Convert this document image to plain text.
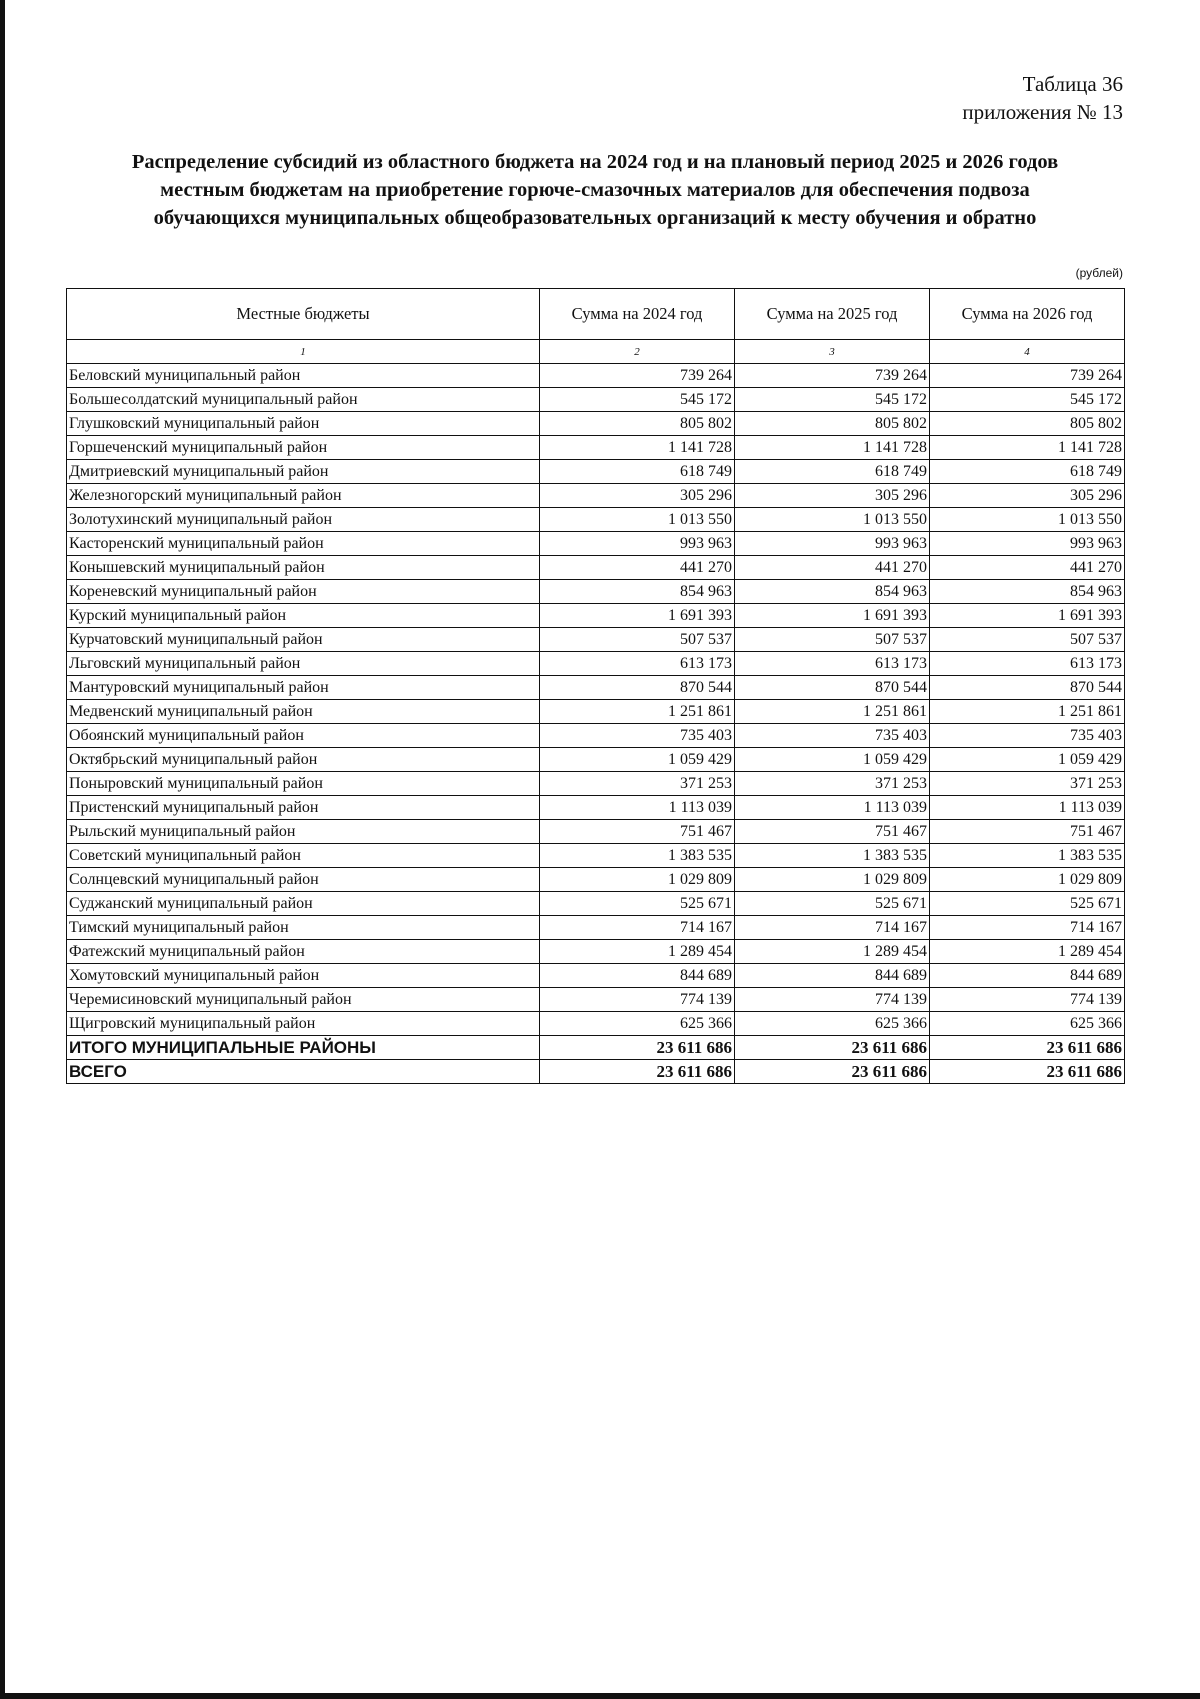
Таблица 36
приложения № 13
Распределение субсидий из областного бюджета на 2024 год и на плановый период 2025 и 2026 годов
местным бюджетам на приобретение горюче-смазочных материалов для обеспечения подвоза
обучающихся муниципальных общеобразовательных организаций к месту обучения и обратно
(рублей)
Местные бюджеты	Сумма на 2024 год	Сумма на 2025 год	Сумма на 2026 год
1	2	3	4
Беловский муниципальный район	739 264	739 264	739 264
Большесолдатский муниципальный район	545 172	545 172	545 172
Глушковский муниципальный район	805 802	805 802	805 802
Горшеченский муниципальный район	1 141 728	1 141 728	1 141 728
Дмитриевский муниципальный район	618 749	618 749	618 749
Железногорский муниципальный район	305 296	305 296	305 296
Золотухинский муниципальный район	1 013 550	1 013 550	1 013 550
Касторенский муниципальный район	993 963	993 963	993 963
Конышевский муниципальный район	441 270	441 270	441 270
Кореневский муниципальный район	854 963	854 963	854 963
Курский муниципальный район	1 691 393	1 691 393	1 691 393
Курчатовский муниципальный район	507 537	507 537	507 537
Льговский муниципальный район	613 173	613 173	613 173
Мантуровский муниципальный район	870 544	870 544	870 544
Медвенский муниципальный район	1 251 861	1 251 861	1 251 861
Обоянский муниципальный район	735 403	735 403	735 403
Октябрьский муниципальный район	1 059 429	1 059 429	1 059 429
Поныровский муниципальный район	371 253	371 253	371 253
Пристенский муниципальный район	1 113 039	1 113 039	1 113 039
Рыльский муниципальный район	751 467	751 467	751 467
Советский муниципальный район	1 383 535	1 383 535	1 383 535
Солнцевский муниципальный район	1 029 809	1 029 809	1 029 809
Суджанский муниципальный район	525 671	525 671	525 671
Тимский муниципальный район	714 167	714 167	714 167
Фатежский муниципальный район	1 289 454	1 289 454	1 289 454
Хомутовский муниципальный район	844 689	844 689	844 689
Черемисиновский муниципальный район	774 139	774 139	774 139
Щигровский муниципальный район	625 366	625 366	625 366
ИТОГО МУНИЦИПАЛЬНЫЕ РАЙОНЫ	23 611 686	23 611 686	23 611 686
ВСЕГО	23 611 686	23 611 686	23 611 686
